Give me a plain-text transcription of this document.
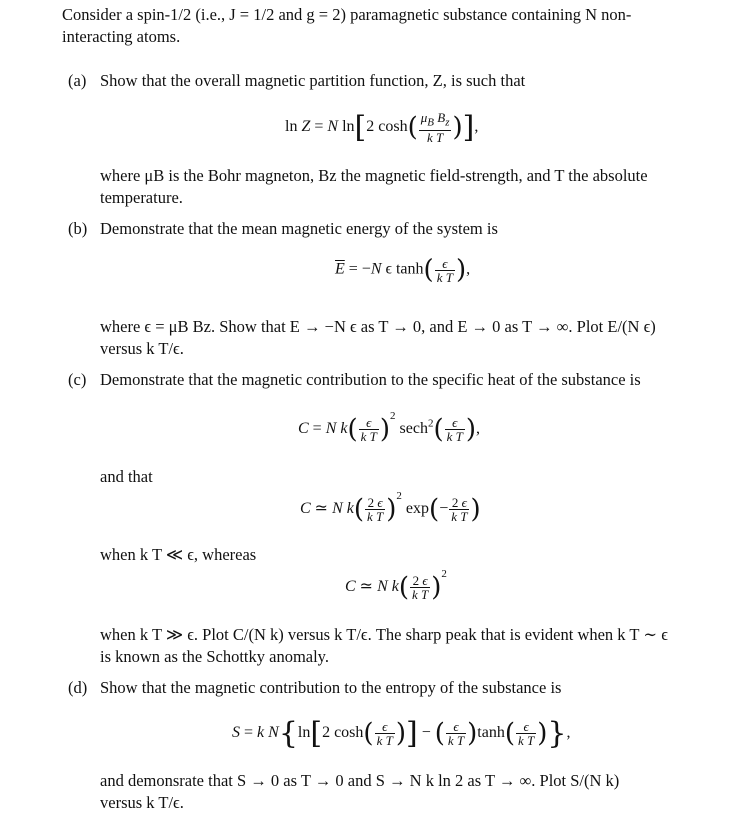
Consider a spin-1/2 (i.e., J = 1/2 and g = 2) paramagnetic substance containing N non-
interacting atoms.
(a) Show that the overall magnetic partition function, Z, is such that
ln Z = N ln[2 $\cosh( \frac{\mu_B B_z}{\text{k T}}$ )],
where μB is the Bohr magneton, Bz the magnetic field-strength, and T the absolute
temperature.
(b) Demonstrate that the mean magnetic energy of the system is
$\overline{E} = -N$ ϵ $\tanh( \frac{\epsilon}{\text{k T}}$ ),
where ϵ = μB Bz. Show that E → −N ϵ as T → 0, and E → 0 as T → ∞. Plot E/(N ϵ)
versus k T/ϵ.
(c) Demonstrate that the magnetic contribution to the specific heat of the substance is
C = N $k( \frac{\epsilon}{\text{k T}} )^2$ $\sec h^2( \frac{\epsilon}{\text{k T}}$ ),
and that
C ≃ N $k( \frac{2 \epsilon}{\text{k T}} )^2$ $\exp(- \frac{2 \epsilon}{\text{k T}}$ )
when k T ≪ ϵ, whereas
C ≃ N $k( \frac{2 \epsilon}{\text{k T}} )^2$
when k T ≫ ϵ. Plot C/(N k) versus k T/ϵ. The sharp peak that is evident when k T ∼ ϵ
is known as the Schottky anomaly.
(d) Show that the magnetic contribution to the entropy of the substance is
S = k N{ln[2 $\cosh( \frac{\epsilon}{\text{k T}}$ )] − ( $\frac{\epsilon}{\text{k T}} )\tanh( \frac{\epsilon}{\text{k T}}$ )},
and demonsrate that S → 0 as T → 0 and S → N k ln 2 as T → ∞. Plot S/(N k)
versus k T/ϵ.
